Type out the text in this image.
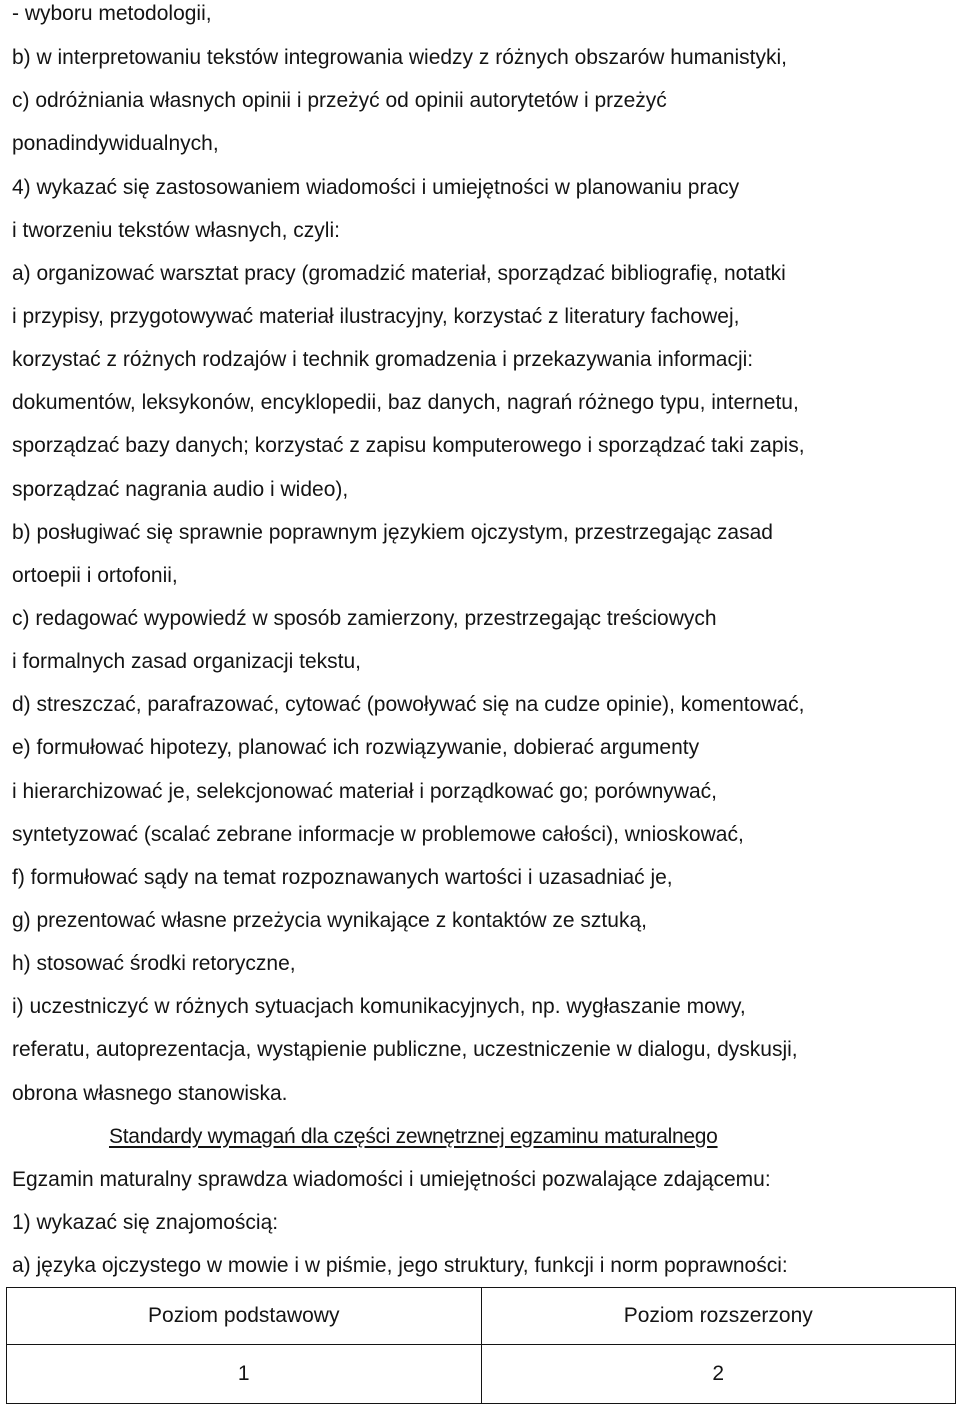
- wyboru metodologii,
b) w interpretowaniu tekstów integrowania wiedzy z różnych obszarów humanistyki,
c) odróżniania własnych opinii i przeżyć od opinii autorytetów i przeżyć
ponadindywidualnych,
4) wykazać się zastosowaniem wiadomości i umiejętności w planowaniu pracy
i tworzeniu tekstów własnych, czyli:
a) organizować warsztat pracy (gromadzić materiał, sporządzać bibliografię, notatki
i przypisy, przygotowywać materiał ilustracyjny, korzystać z literatury fachowej,
korzystać z różnych rodzajów i technik gromadzenia i przekazywania informacji:
dokumentów, leksykonów, encyklopedii, baz danych, nagrań różnego typu, internetu,
sporządzać bazy danych; korzystać z zapisu komputerowego i sporządzać taki zapis,
sporządzać nagrania audio i wideo),
b) posługiwać się sprawnie poprawnym językiem ojczystym, przestrzegając zasad
ortoepii i ortofonii,
c) redagować wypowiedź w sposób zamierzony, przestrzegając treściowych
i formalnych zasad organizacji tekstu,
d) streszczać, parafrazować, cytować (powoływać się na cudze opinie), komentować,
e) formułować hipotezy, planować ich rozwiązywanie, dobierać argumenty
i hierarchizować je, selekcjonować materiał i porządkować go; porównywać,
syntetyzować (scalać zebrane informacje w problemowe całości), wnioskować,
f) formułować sądy na temat rozpoznawanych wartości i uzasadniać je,
g) prezentować własne przeżycia wynikające z kontaktów ze sztuką,
h) stosować środki retoryczne,
i) uczestniczyć w różnych sytuacjach komunikacyjnych, np. wygłaszanie mowy,
referatu, autoprezentacja, wystąpienie publiczne, uczestniczenie w dialogu, dyskusji,
obrona własnego stanowiska.
Standardy wymagań dla części zewnętrznej egzaminu maturalnego
Egzamin maturalny sprawdza wiadomości i umiejętności pozwalające zdającemu:
1) wykazać się znajomością:
a) języka ojczystego w mowie i w piśmie, jego struktury, funkcji i norm poprawności:
Poziom podstawowy	Poziom rozszerzony
1	2
